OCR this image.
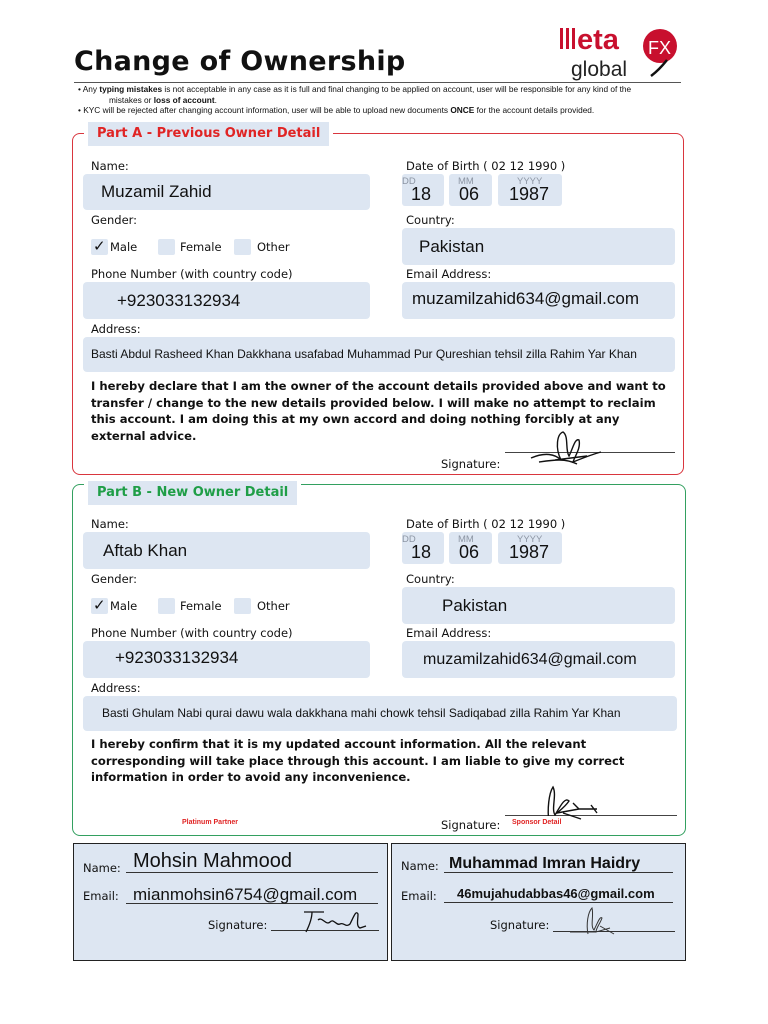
Change of Ownership
eta FX
global
• Any typing mistakes is not acceptable in any case as it is full and final changing to be applied on account, user will be responsible for any kind of the
mistakes or loss of account.
• KYC will be rejected after changing account information, user will be able to upload new documents ONCE for the account details provided.
Part A - Previous Owner Detail
Name:
Muzamil Zahid
Date of Birth ( 02 12 1990 )
DD
18
MM
06
YYYY
1987
Gender:
✓ Male	Female	Other
Country:
Pakistan
Phone Number (with country code)
+923033132934
Email Address:
muzamilzahid634@gmail.com
Address:
Basti Abdul Rasheed Khan Dakkhana usafabad Muhammad Pur Qureshian tehsil zilla Rahim Yar Khan
I hereby declare that I am the owner of the account details provided above and want to transfer / change to the new details provided below. I will make no attempt to reclaim this account. I am doing this at my own accord and doing nothing forcibly at any external advice.
Signature:
Part B - New Owner Detail
Name:
Aftab Khan
Date of Birth ( 02 12 1990 )
DD
18
MM
06
YYYY
1987
Gender:
✓ Male	Female	Other
Country:
Pakistan
Phone Number (with country code)
+923033132934
Email Address:
muzamilzahid634@gmail.com
Address:
Basti Ghulam Nabi qurai dawu wala dakkhana mahi chowk tehsil Sadiqabad zilla Rahim Yar Khan
I hereby confirm that it is my updated account information. All the relevant corresponding will take place through this account. I am liable to give my correct information in order to avoid any inconvenience.
Signature:
Platinum Partner	Sponsor Detail
Name: Mohsin Mahmood
Email: mianmohsin6754@gmail.com
Signature:
Name: Muhammad Imran Haidry
Email: 46mujahudabbas46@gmail.com
Signature:
